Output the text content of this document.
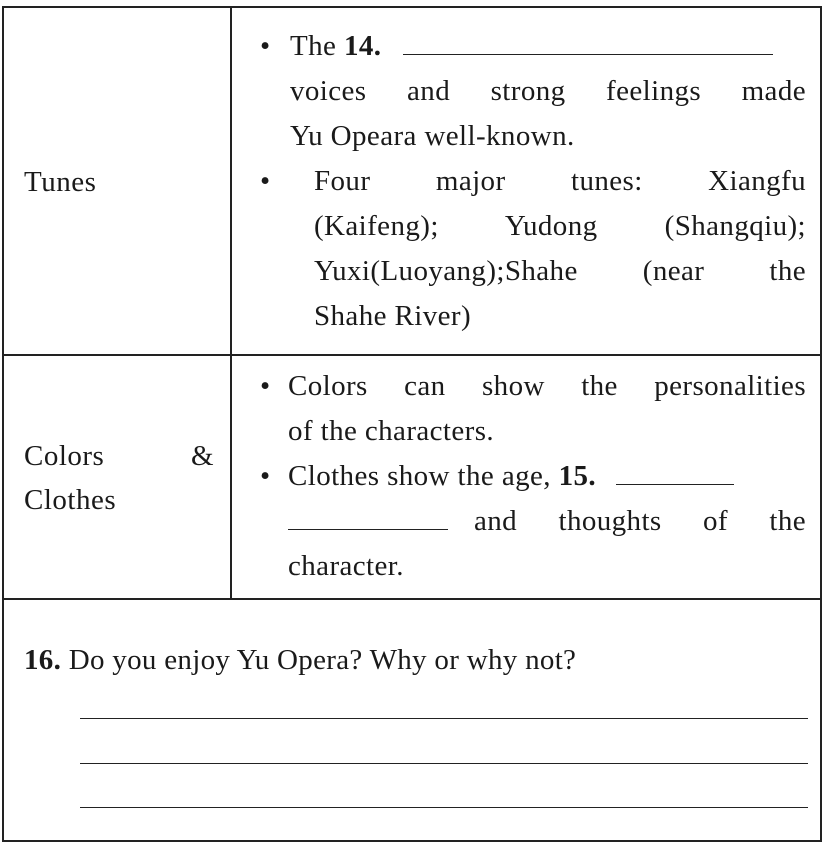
Tunes
• The 14.
voices and strong feelings made
Yu Opeara well-known.
• Four major tunes: Xiangfu
(Kaifeng); Yudong (Shangqiu);
Yuxi(Luoyang);Shahe (near the
Shahe River)
Colors	&
Clothes
• Colors can show the personalities
of the characters.
• Clothes show the age, 15.
and thoughts of the
character.
16. Do you enjoy Yu Opera? Why or why not?
